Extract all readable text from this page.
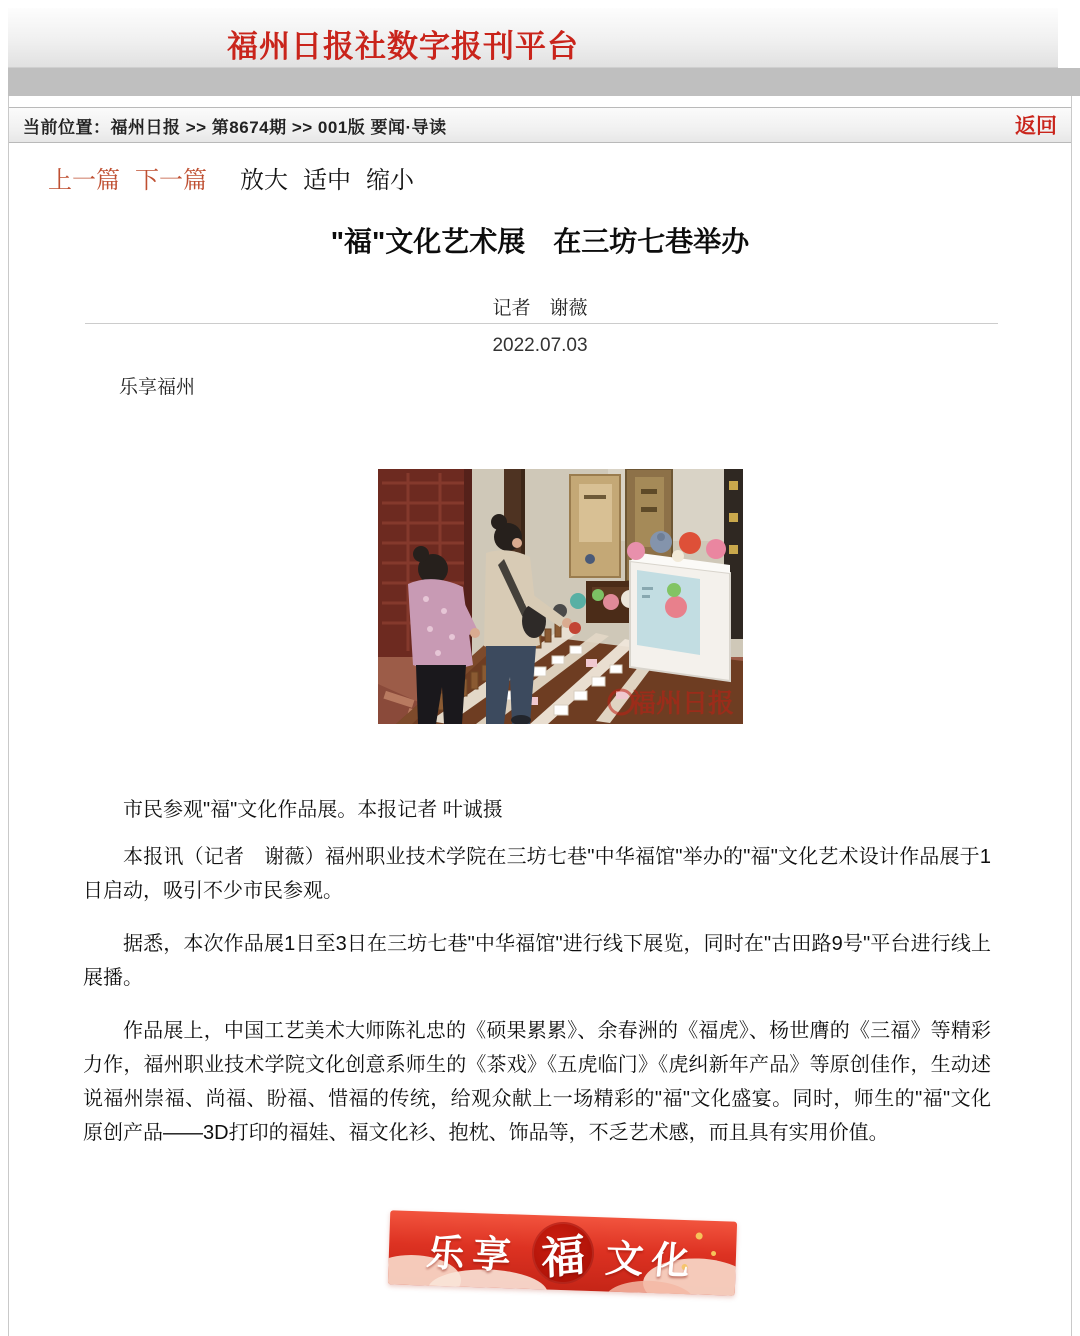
福州日报社数字报刊平台
当前位置：福州日报 >> 第8674期 >> 001版 要闻·导读	返回
上一篇 下一篇 放大 适中 缩小
"福"文化艺术展　在三坊七巷举办
记者　谢薇
2022.07.03
乐享福州
福州日报
市民参观"福"文化作品展。本报记者 叶诚摄

本报讯（记者　谢薇）福州职业技术学院在三坊七巷"中华福馆"举办的"福"文化艺术设计作品展于1日启动，吸引不少市民参观。

据悉，本次作品展1日至3日在三坊七巷"中华福馆"进行线下展览，同时在"古田路9号"平台进行线上展播。

作品展上，中国工艺美术大师陈礼忠的《硕果累累》、余春洲的《福虎》、杨世膺的《三福》等精彩力作，福州职业技术学院文化创意系师生的《茶戏》《五虎临门》《虎纠新年产品》等原创佳作，生动述说福州崇福、尚福、盼福、惜福的传统，给观众献上一场精彩的"福"文化盛宴。同时，师生的"福"文化原创产品——3D打印的福娃、福文化衫、抱枕、饰品等，不乏艺术感，而且具有实用价值。

乐享 福 文化
